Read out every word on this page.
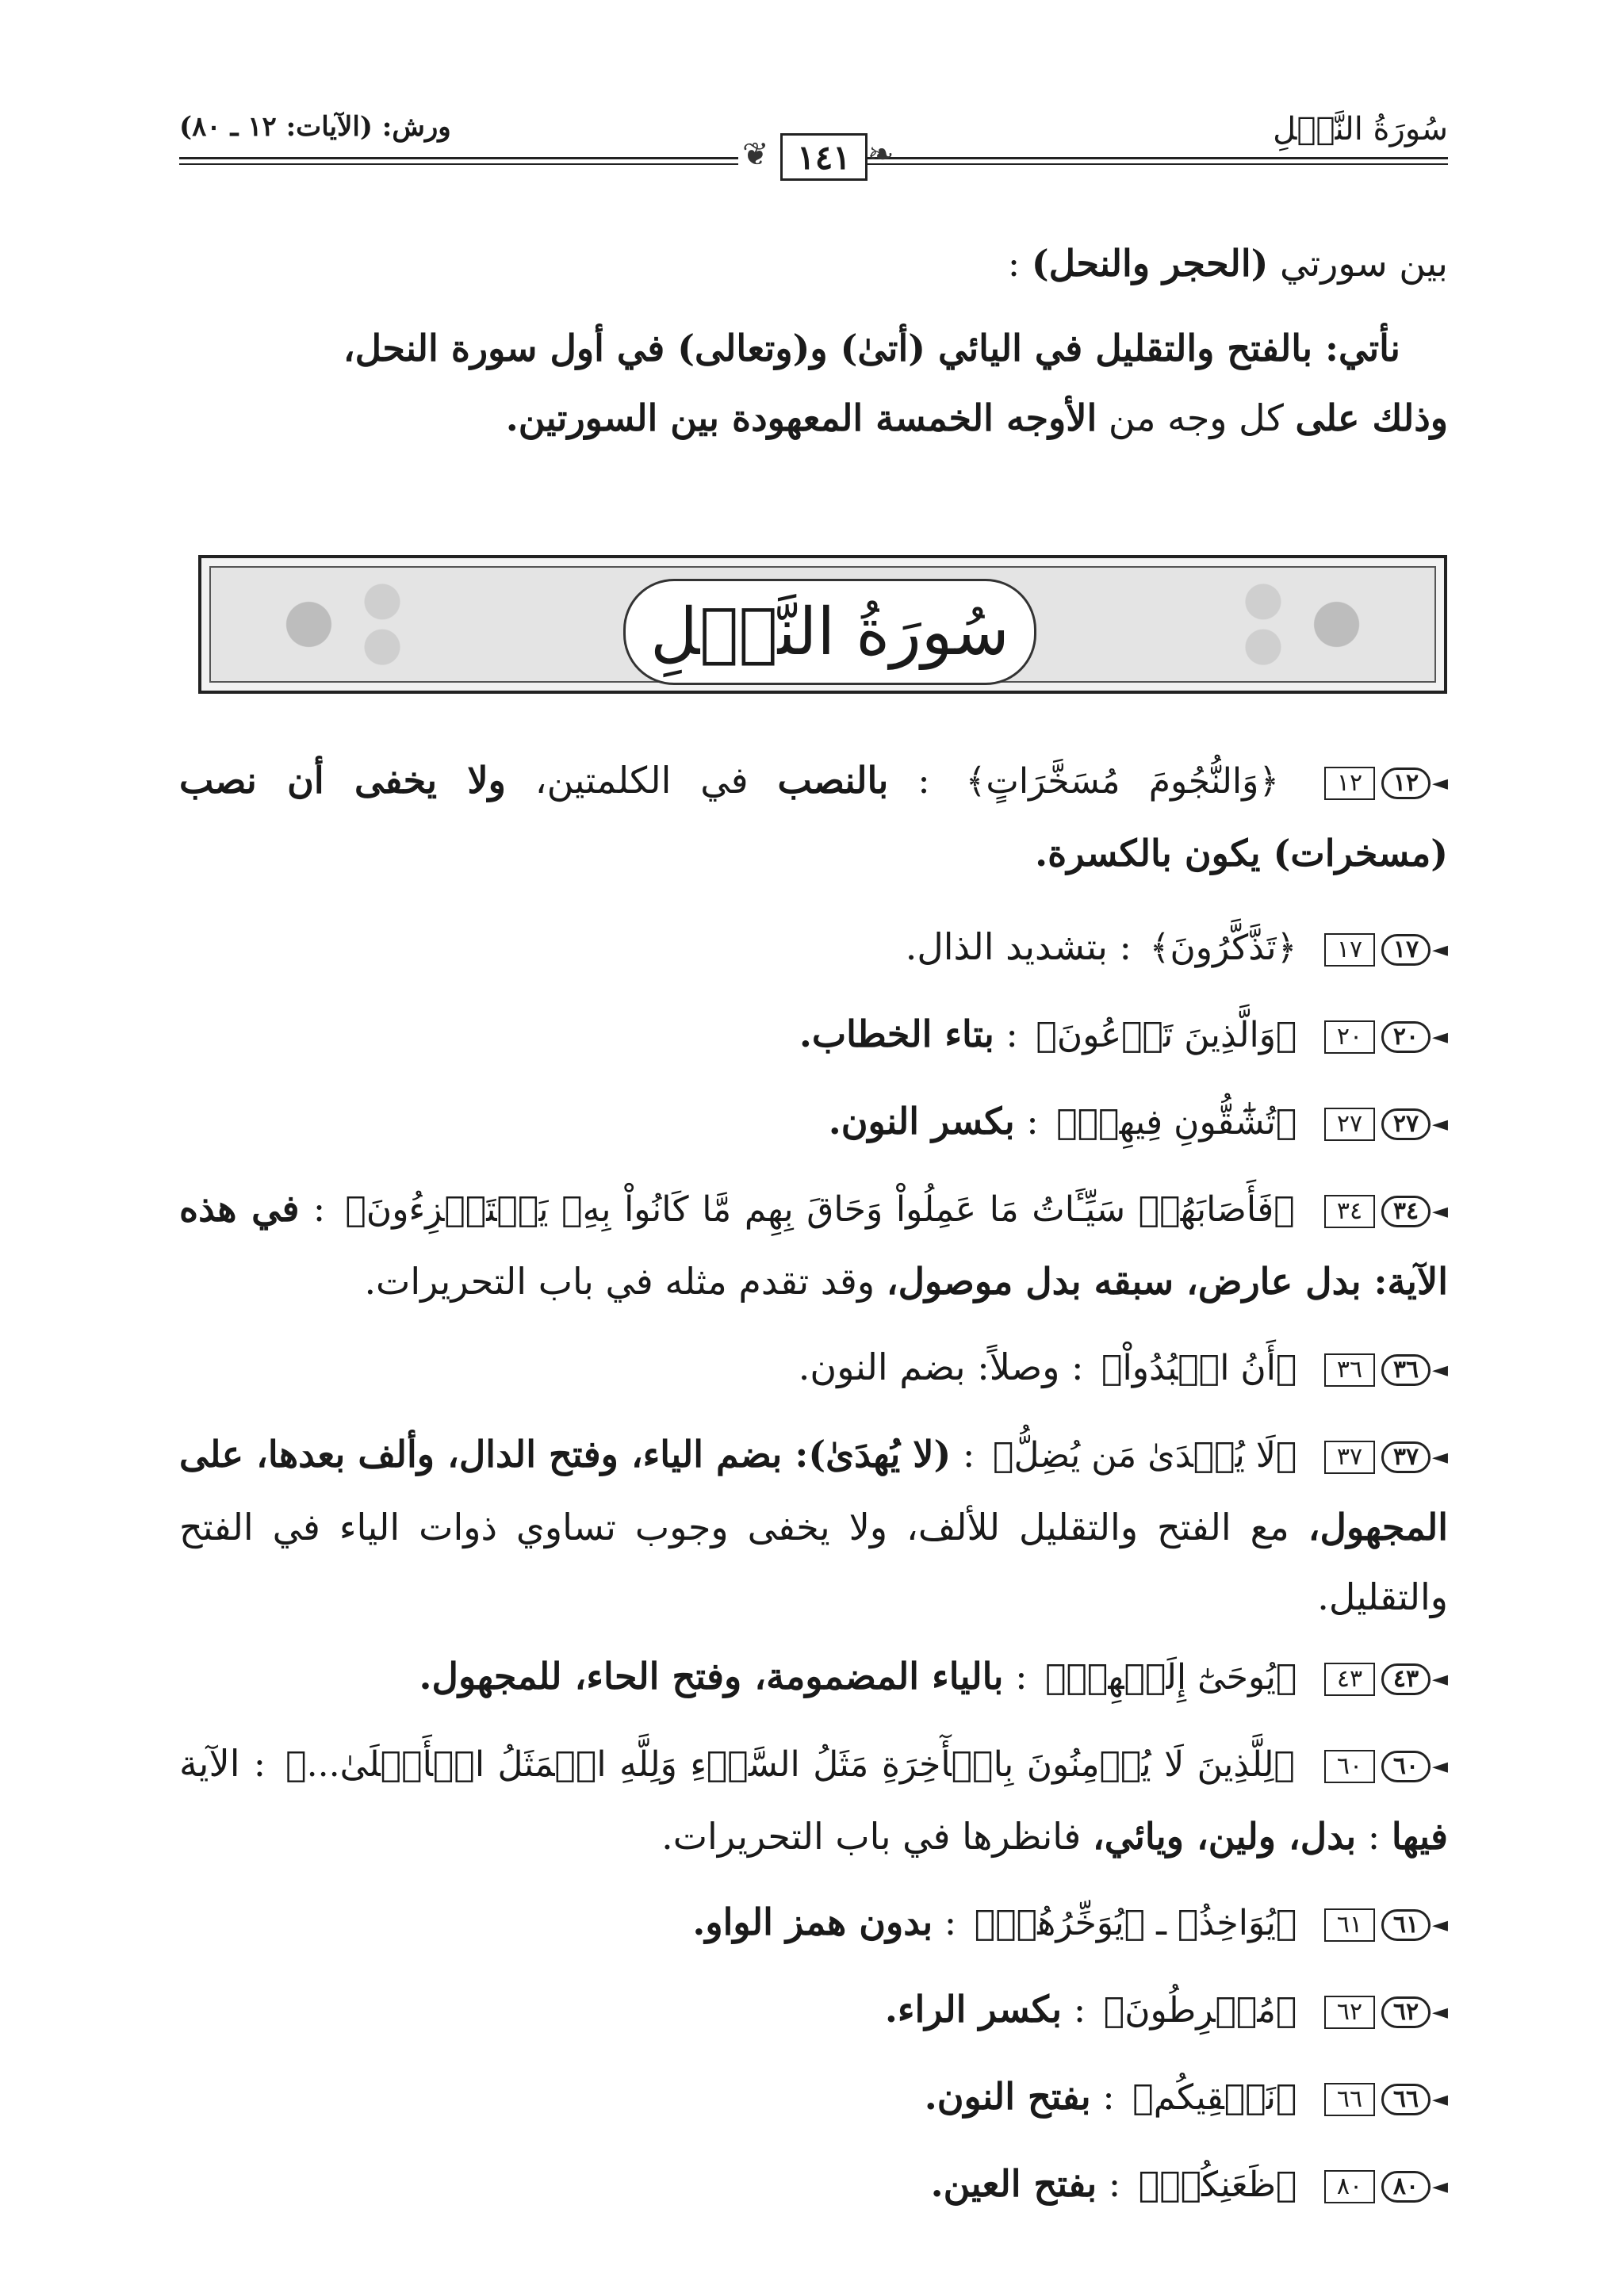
سُورَةُ النَّحۡلِ
ورش: (الآيات: ١٢ ـ ٨٠)
❦ ١٤١ ❧
بين سورتي (الحجر والنحل) :
نأتي: بالفتح والتقليل في اليائي (أتىٰ) و(وتعالى) في أول سورة النحل،
وذلك على كل وجه من الأوجه الخمسة المعهودة بين السورتين.
سُورَةُ النَّحۡلِ
◄
١٢
١٢
﴿وَالنُّجُومَ مُسَخَّرَاتٍ﴾ : بالنصب في الكلمتين، ولا يخفى أن نصب (مسخرات) يكون بالكسرة.
◄
١٧
١٧
﴿تَذَّكَّرُونَ﴾ : بتشديد الذال.
◄
٢٠
٢٠
﴿وَالَّذِينَ تَدۡعُونَ﴾ : بتاء الخطاب.
◄
٢٧
٢٧
﴿تُشَٰٓقُّونِ فِيهِمۡ﴾ : بكسر النون.
◄
٣٤
٣٤
﴿فَأَصَابَهُمۡ سَيِّـَٔاتُ مَا عَمِلُواْ وَحَاقَ بِهِم مَّا كَانُواْ بِهِۦ يَسۡتَهۡزِءُونَ﴾ : في هذه الآية: بدل عارض، سبقه بدل موصول، وقد تقدم مثله في باب التحريرات.
◄
٣٦
٣٦
﴿أَنُ اعۡبُدُواْ﴾ : وصلاً: بضم النون.
◄
٣٧
٣٧
﴿لَا يُهۡدَىٰ مَن يُضِلُّ﴾ : (لا يُهدَىٰ): بضم الياء، وفتح الدال، وألف بعدها، على المجهول، مع الفتح والتقليل للألف، ولا يخفى وجوب تساوي ذوات الياء في الفتح والتقليل.
◄
٤٣
٤٣
﴿يُوحَىٰٓ إِلَيۡهِمۡ﴾ : بالياء المضمومة، وفتح الحاء، للمجهول.
◄
٦٠
٦٠
﴿لِلَّذِينَ لَا يُؤۡمِنُونَ بِالۡأٓخِرَةِ مَثَلُ السَّوۡءِ وَلِلَّهِ الۡمَثَلُ الۡأَعۡلَىٰ...﴾ : الآية فيها : بدل، ولين، ويائي، فانظرها في باب التحريرات.
◄
٦١
٦١
﴿يُوَاخِذُ﴾ ـ ﴿يُوَخِّرُهُمۡ﴾ : بدون همز الواو.
◄
٦٢
٦٢
﴿مُفۡرِطُونَ﴾ : بكسر الراء.
◄
٦٦
٦٦
﴿نَسۡقِيكُم﴾ : بفتح النون.
◄
٨٠
٨٠
﴿ظَعَنِكُمۡ﴾ : بفتح العين.
